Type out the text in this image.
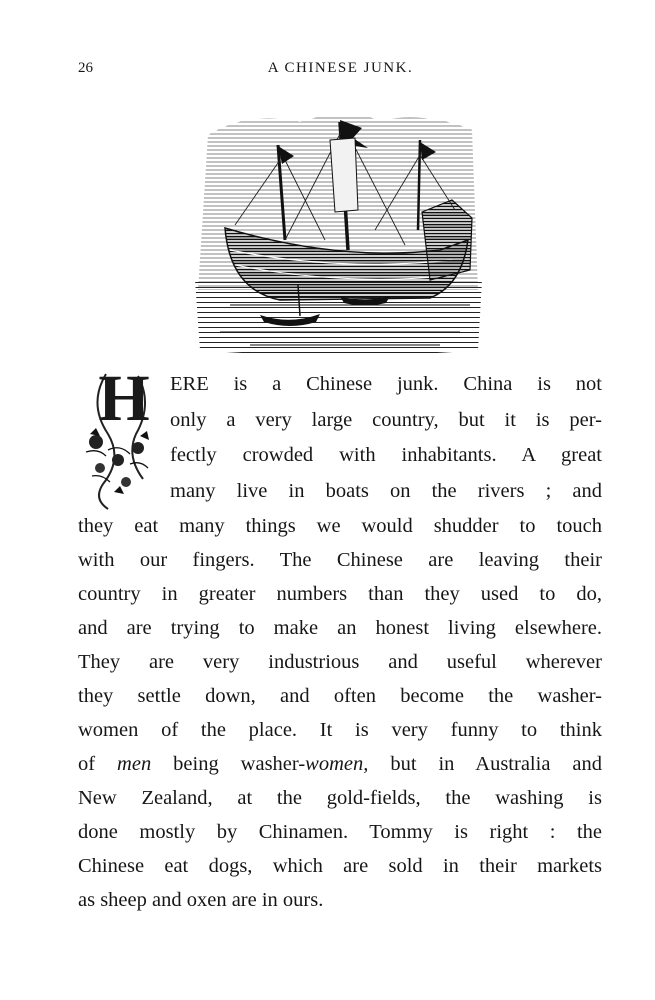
26	A CHINESE JUNK.
H ERE is a Chinese junk. China is not
only a very large country, but it is per-
fectly crowded with inhabitants. A great
many live in boats on the rivers ; and
they eat many things we would shudder to touch
with our fingers. The Chinese are leaving their
country in greater numbers than they used to do,
and are trying to make an honest living elsewhere.
They are very industrious and useful wherever
they settle down, and often become the washer-
women of the place. It is very funny to think
of men being washer-women, but in Australia and
New Zealand, at the gold-fields, the washing is
done mostly by Chinamen. Tommy is right : the
Chinese eat dogs, which are sold in their markets
as sheep and oxen are in ours.
